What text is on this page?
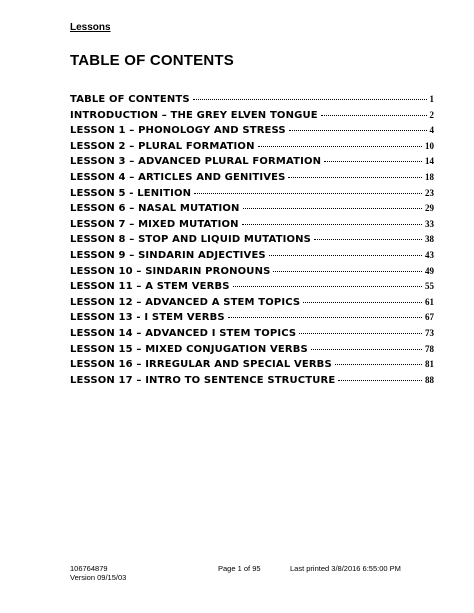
Lessons
TABLE OF CONTENTS
TABLE OF CONTENTS	1
INTRODUCTION – THE GREY ELVEN TONGUE	2
LESSON 1 – PHONOLOGY AND STRESS	4
LESSON 2 – PLURAL FORMATION	10
LESSON 3 – ADVANCED PLURAL FORMATION	14
LESSON 4 – ARTICLES AND GENITIVES	18
LESSON 5 - LENITION	23
LESSON 6 – NASAL MUTATION	29
LESSON 7 – MIXED MUTATION	33
LESSON 8 – STOP AND LIQUID MUTATIONS	38
LESSON 9 – SINDARIN ADJECTIVES	43
LESSON 10 – SINDARIN PRONOUNS	49
LESSON 11 – A STEM VERBS	55
LESSON 12 – ADVANCED A STEM TOPICS	61
LESSON 13 - I STEM VERBS	67
LESSON 14 – ADVANCED I STEM TOPICS	73
LESSON 15 – MIXED CONJUGATION VERBS	78
LESSON 16 – IRREGULAR AND SPECIAL VERBS	81
LESSON 17 – INTRO TO SENTENCE STRUCTURE	88
106764879
Version 09/15/03
Page 1 of 95	Last printed 3/8/2016 6:55:00 PM
